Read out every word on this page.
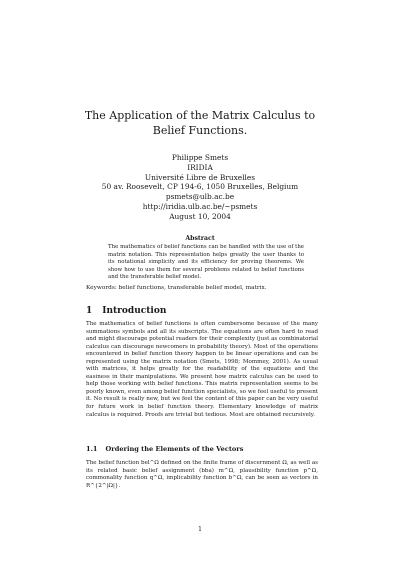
The Application of the Matrix Calculus to Belief Functions.
Philippe Smets
IRIDIA
Université Libre de Bruxelles
50 av. Roosevelt, CP 194-6, 1050 Bruxelles, Belgium
psmets@ulb.ac.be
http://iridia.ulb.ac.be/~psmets
August 10, 2004
Abstract
The mathematics of belief functions can be handled with the use of the matrix notation. This representation helps greatly the user thanks to its notational simplicity and its efficiency for proving theorems. We show how to use them for several problems related to belief functions and the transferable belief model.
Keywords: belief functions, transferable belief model, matrix.
1 Introduction
The mathematics of belief functions is often cumbersome because of the many summations symbols and all its subscripts. The equations are often hard to read and might discourage potential readers for their complexity (just as combinatorial calculus can discourage newcomers in probability theory). Most of the operations encountered in belief function theory happen to be linear operations and can be represented using the matrix notation (Smets, 1998; Mommey, 2001). As usual with matrices, it helps greatly for the readability of the equations and the easiness in their manipulations. We present how matrix calculus can be used to help those working with belief functions. This matrix representation seems to be poorly known, even among belief function specialists, so we feel useful to present it. No result is really new, but we feel the content of this paper can be very useful for future work in belief function theory. Elementary knowledge of matrix calculus is required. Proofs are trivial but tedious. Most are obtained recursively.
1.1 Ordering the Elements of the Vectors
The belief function bel^Ω defined on the finite frame of discernment Ω, as well as its related basic belief assignment (bba) m^Ω, plausibility function p^Ω, commonality function q^Ω, implicability function b^Ω, can be seen as vectors in R^{2^|Ω|}.
1
